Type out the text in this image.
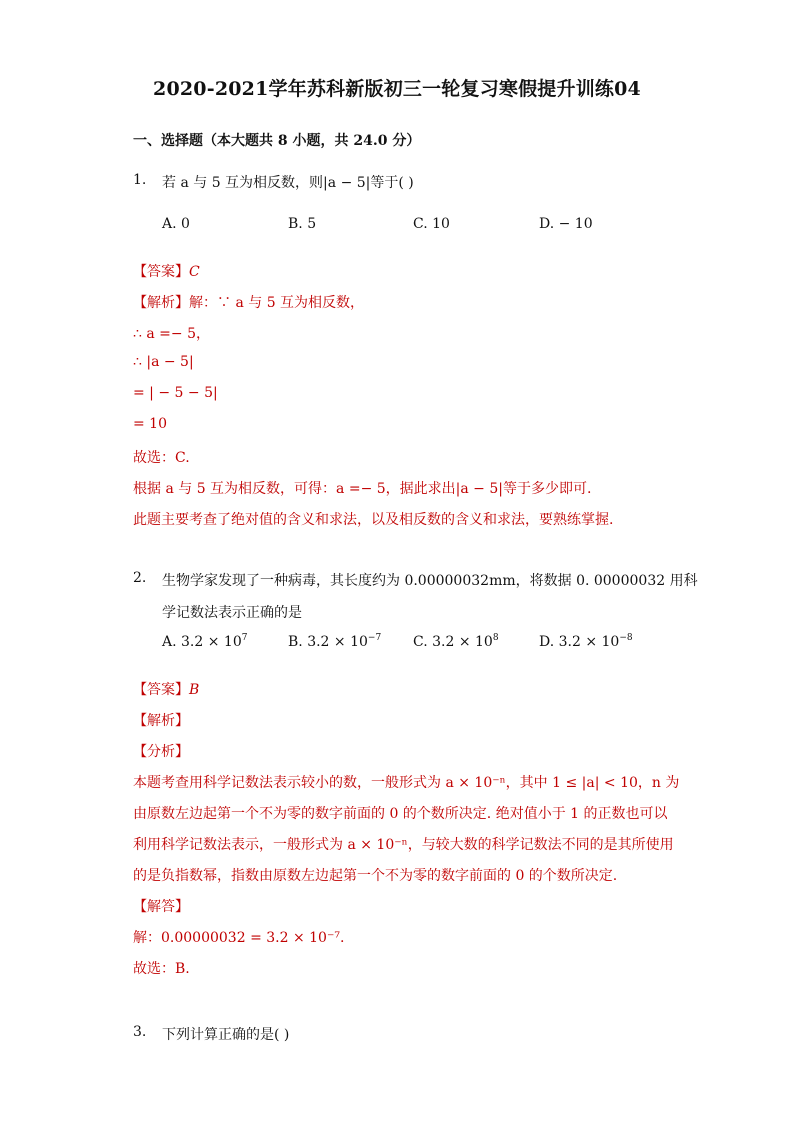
2020-2021学年苏科新版初三一轮复习寒假提升训练04
一、选择题（本大题共 8 小题，共 24.0 分）
1. 若 a 与 5 互为相反数，则|a − 5|等于( )
A. 0	B. 5	C. 10	D. − 10
【答案】C
【解析】解：∵ a 与 5 互为相反数，
∴ a =− 5，
∴ |a − 5|
= | − 5 − 5|
= 10
故选：C.
根据 a 与 5 互为相反数，可得：a =− 5，据此求出|a − 5|等于多少即可.
此题主要考查了绝对值的含义和求法，以及相反数的含义和求法，要熟练掌握.
2. 生物学家发现了一种病毒，其长度约为 0.00000032mm，将数据 0. 00000032 用科
学记数法表示正确的是
A. $3.2 \times 10^7$	B. $3.2 \times 10^{-7}$ C. $3.2 \times 10^8$	D. $3.2 \times 10^{-8}$
【答案】B
【解析】
【分析】
本题考查用科学记数法表示较小的数，一般形式为 a × 10⁻ⁿ，其中 1 ≤ |a| < 10，n 为
由原数左边起第一个不为零的数字前面的 0 的个数所决定. 绝对值小于 1 的正数也可以
利用科学记数法表示，一般形式为 a × 10⁻ⁿ，与较大数的科学记数法不同的是其所使用
的是负指数幂，指数由原数左边起第一个不为零的数字前面的 0 的个数所决定.
【解答】
解：0.00000032 = 3.2 × 10⁻⁷.
故选：B.
3. 下列计算正确的是( )
